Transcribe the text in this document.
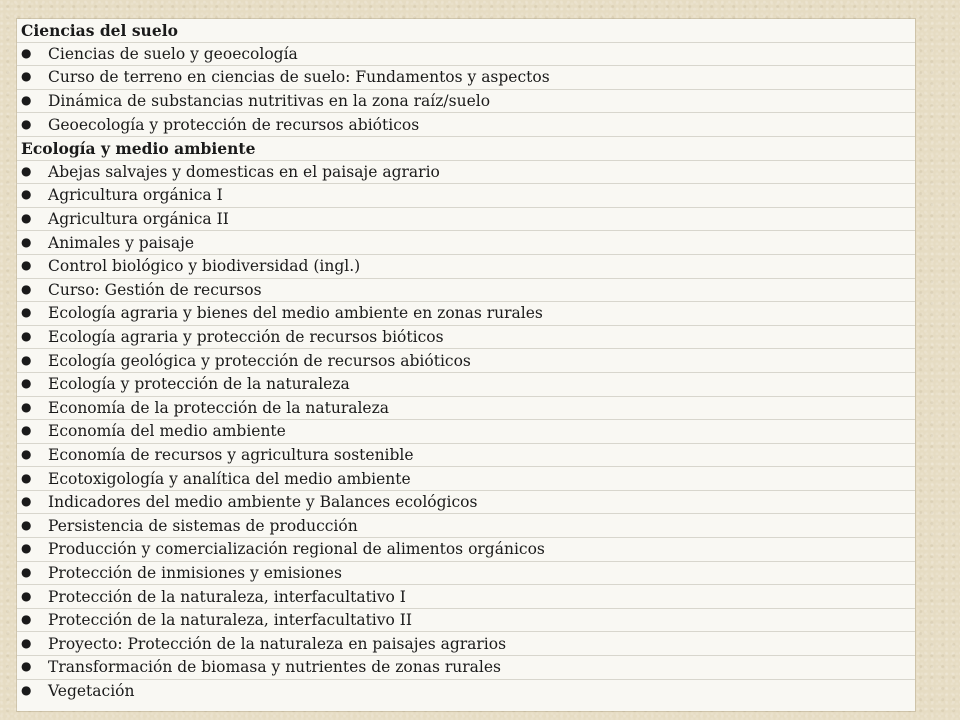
Ciencias del suelo
●	Ciencias de suelo y geoecología
●	Curso de terreno en ciencias de suelo: Fundamentos y aspectos
●	Dinámica de substancias nutritivas en la zona raíz/suelo
●	Geoecología y protección de recursos abióticos
Ecología y medio ambiente
●	Abejas salvajes y domesticas en el paisaje agrario
●	Agricultura orgánica I
●	Agricultura orgánica II
●	Animales y paisaje
●	Control biológico y biodiversidad (ingl.)
●	Curso: Gestión de recursos
●	Ecología agraria y bienes del medio ambiente en zonas rurales
●	Ecología agraria y protección de recursos bióticos
●	Ecología geológica y protección de recursos abióticos
●	Ecología y protección de la naturaleza
●	Economía de la protección de la naturaleza
●	Economía del medio ambiente
●	Economía de recursos y agricultura sostenible
●	Ecotoxigología y analítica del medio ambiente
●	Indicadores del medio ambiente y Balances ecológicos
●	Persistencia de sistemas de producción
●	Producción y comercialización regional de alimentos orgánicos
●	Protección de inmisiones y emisiones
●	Protección de la naturaleza, interfacultativo I
●	Protección de la naturaleza, interfacultativo II
●	Proyecto: Protección de la naturaleza en paisajes agrarios
●	Transformación de biomasa y nutrientes de zonas rurales
●	Vegetación
